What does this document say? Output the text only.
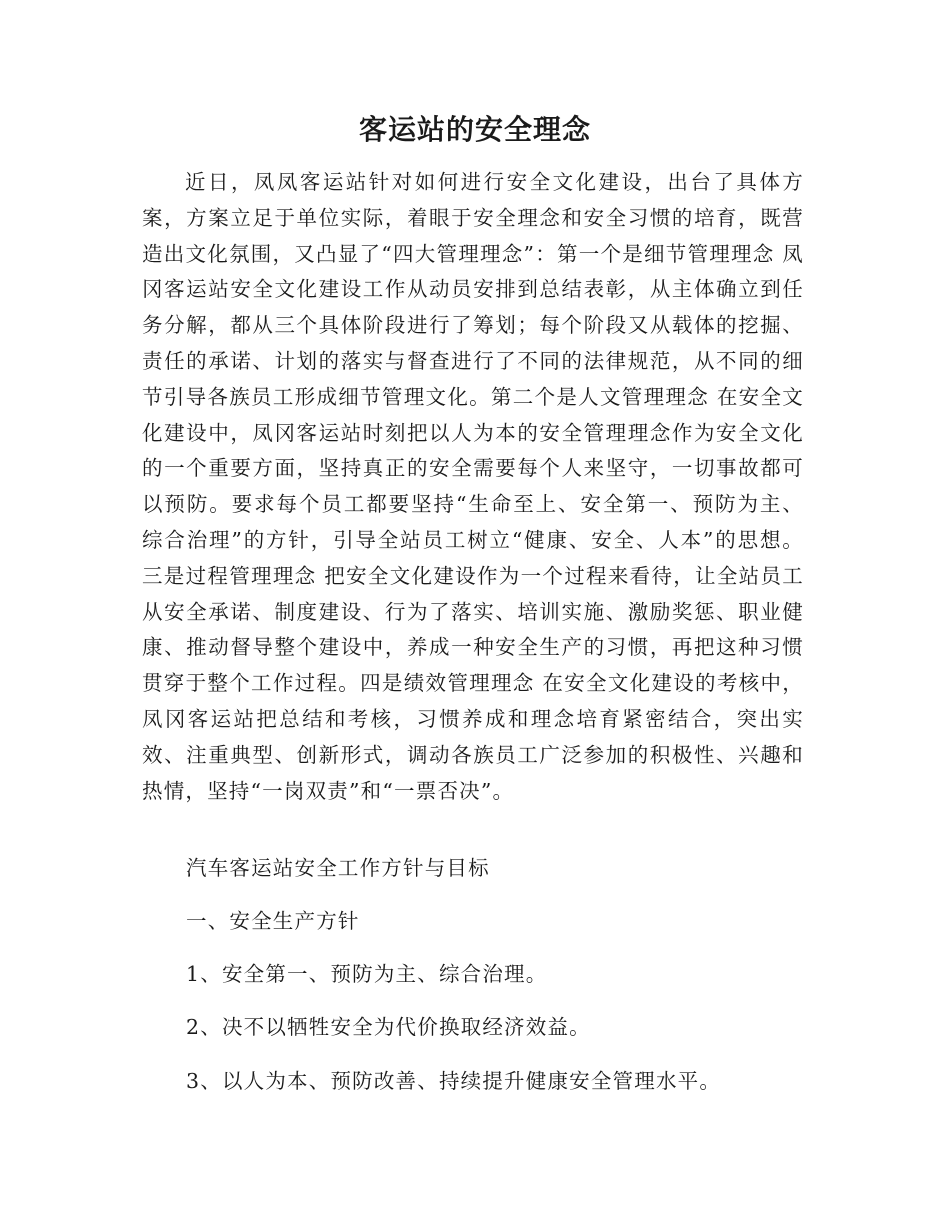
客运站的安全理念

近日，凤凤客运站针对如何进行安全文化建设，出台了具体方案，方案立足于单位实际，着眼于安全理念和安全习惯的培育，既营造出文化氛围，又凸显了“四大管理理念”：第一个是细节管理理念 凤冈客运站安全文化建设工作从动员安排到总结表彰，从主体确立到任务分解，都从三个具体阶段进行了筹划；每个阶段又从载体的挖掘、责任的承诺、计划的落实与督查进行了不同的法律规范，从不同的细节引导各族员工形成细节管理文化。第二个是人文管理理念 在安全文化建设中，凤冈客运站时刻把以人为本的安全管理理念作为安全文化的一个重要方面，坚持真正的安全需要每个人来坚守，一切事故都可以预防。要求每个员工都要坚持“生命至上、安全第一、预防为主、综合治理”的方针，引导全站员工树立“健康、安全、人本”的思想。三是过程管理理念 把安全文化建设作为一个过程来看待，让全站员工从安全承诺、制度建设、行为了落实、培训实施、激励奖惩、职业健康、推动督导整个建设中，养成一种安全生产的习惯，再把这种习惯贯穿于整个工作过程。四是绩效管理理念 在安全文化建设的考核中，凤冈客运站把总结和考核，习惯养成和理念培育紧密结合，突出实效、注重典型、创新形式，调动各族员工广泛参加的积极性、兴趣和热情，坚持“一岗双责”和“一票否决”。

汽车客运站安全工作方针与目标

一、安全生产方针

1、安全第一、预防为主、综合治理。

2、决不以牺牲安全为代价换取经济效益。

3、以人为本、预防改善、持续提升健康安全管理水平。
